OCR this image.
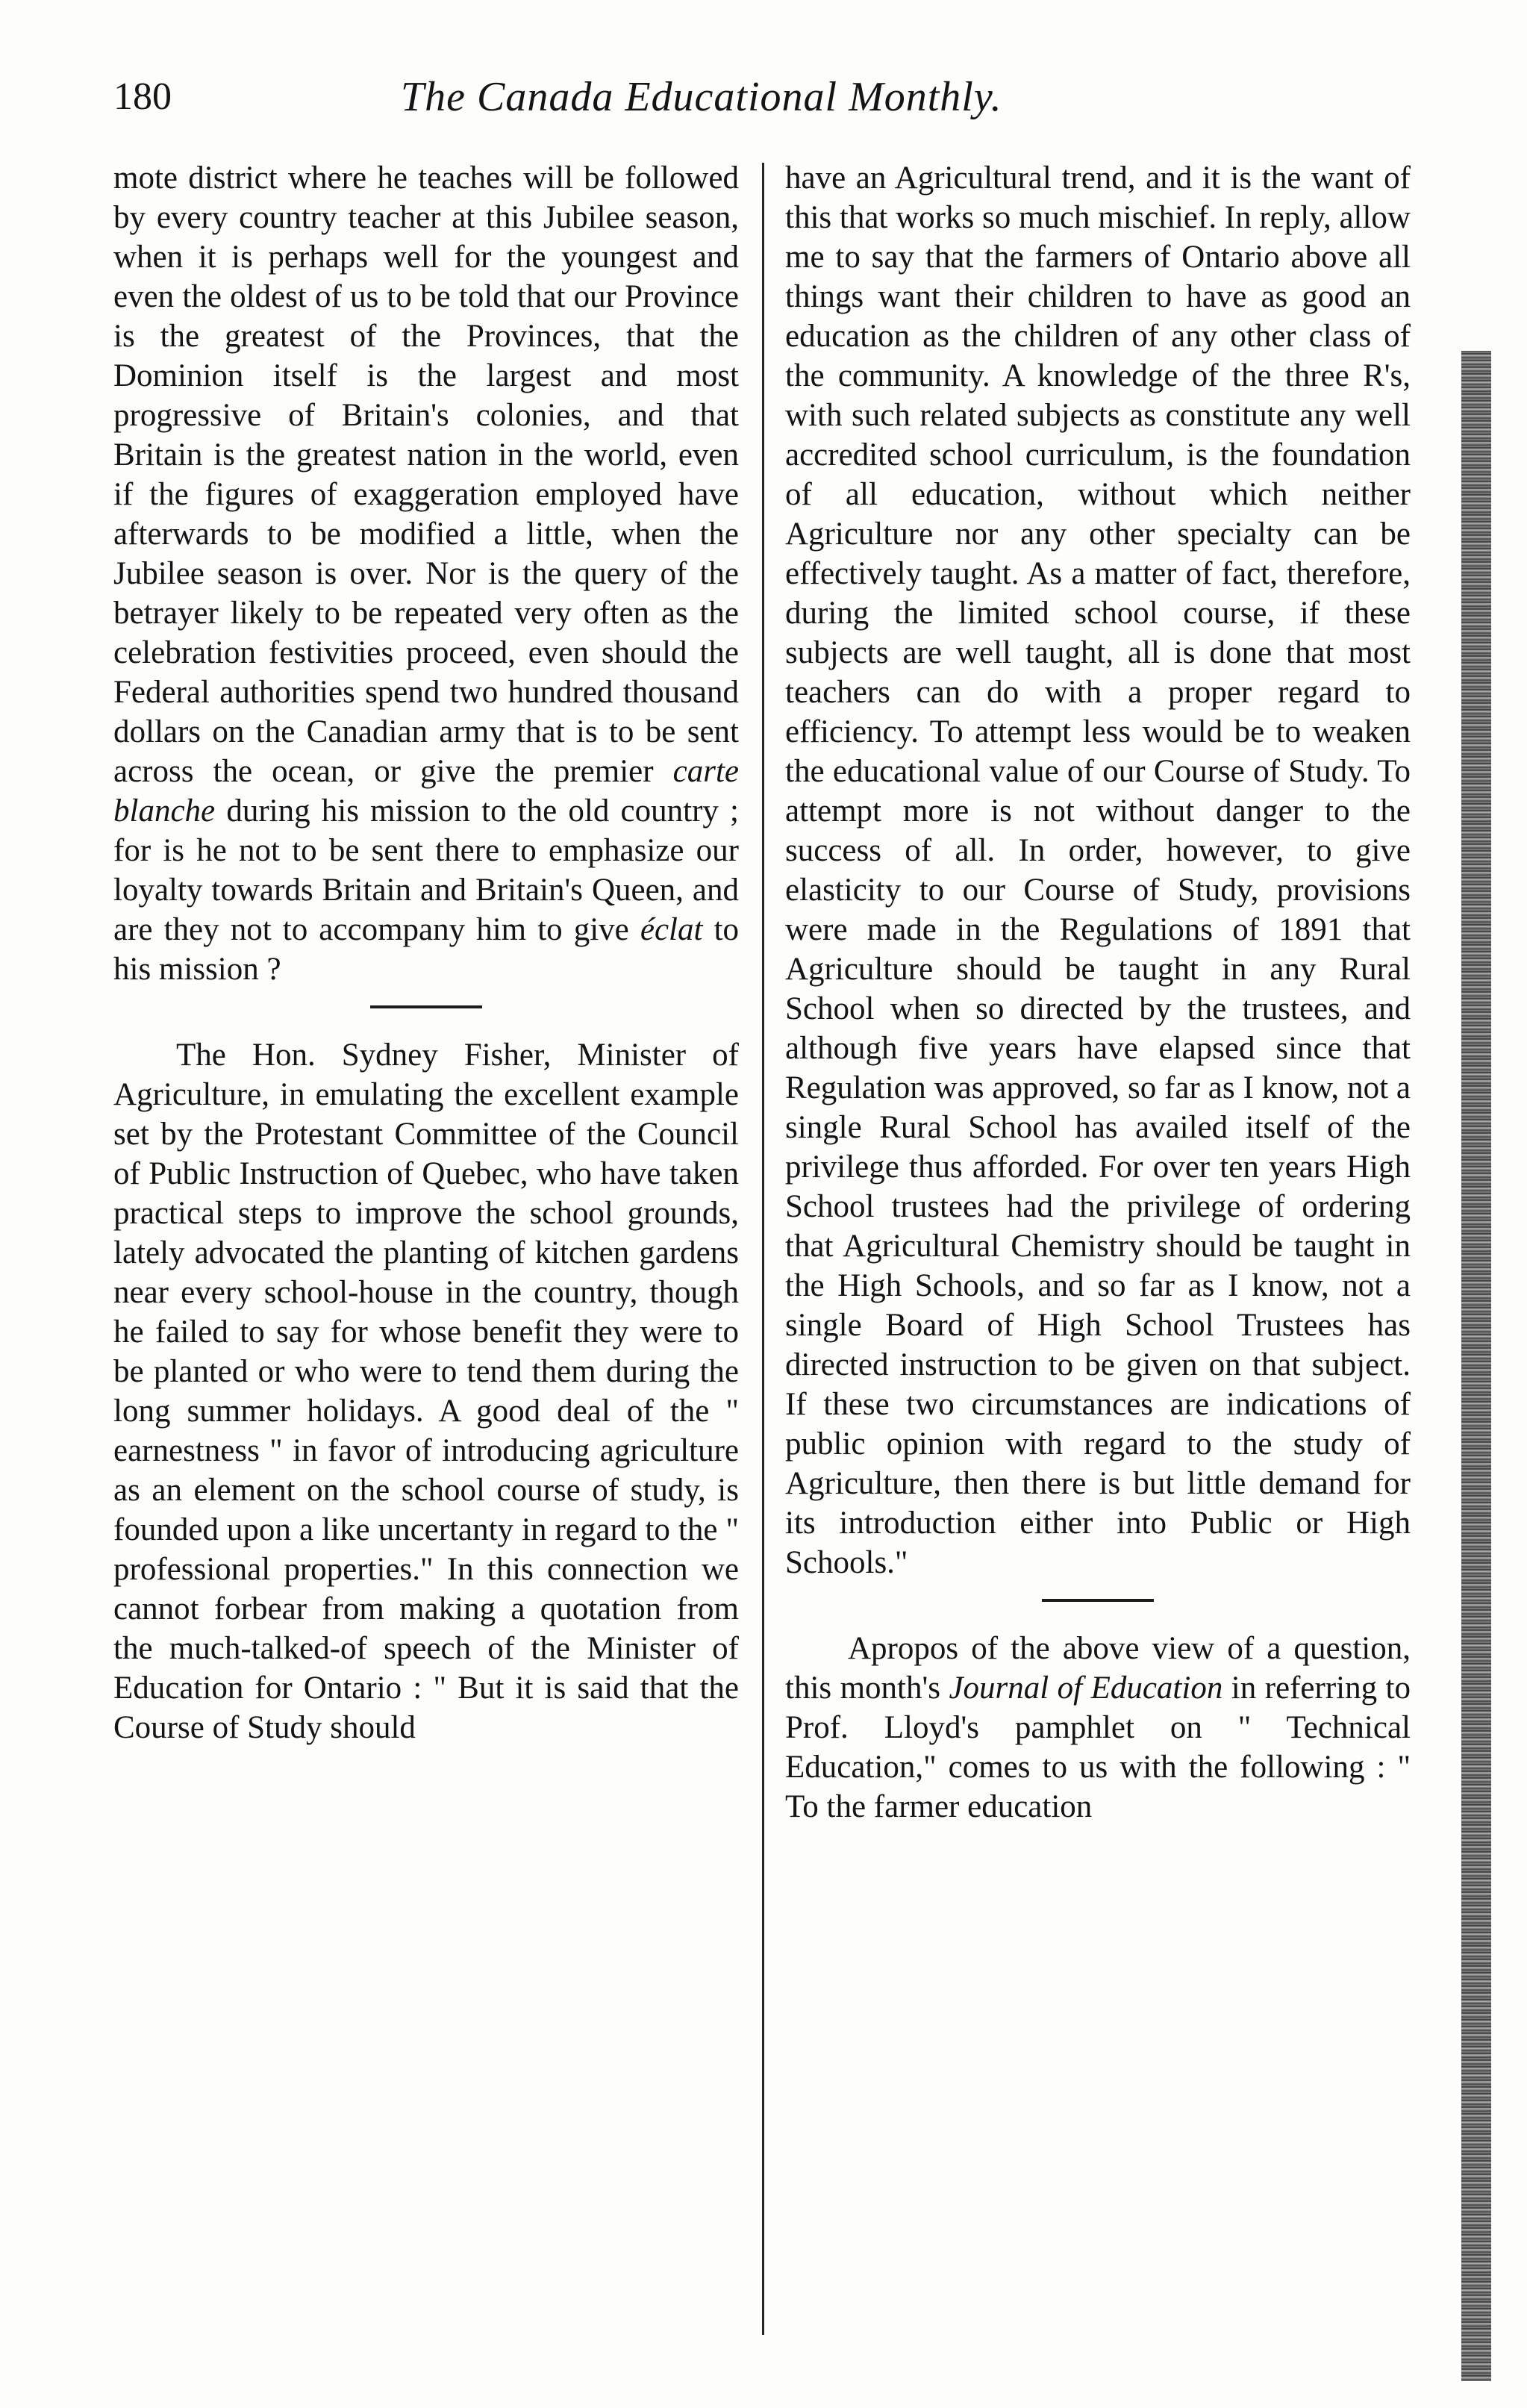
180	The Canada Educational Monthly.

mote district where he teaches will be followed by every country teacher at this Jubilee season, when it is perhaps well for the youngest and even the oldest of us to be told that our Province is the greatest of the Provinces, that the Dominion itself is the largest and most progressive of Britain's colonies, and that Britain is the greatest nation in the world, even if the figures of exaggeration employed have afterwards to be modified a little, when the Jubilee season is over. Nor is the query of the betrayer likely to be repeated very often as the celebration festivities proceed, even should the Federal authorities spend two hundred thousand dollars on the Canadian army that is to be sent across the ocean, or give the premier carte blanche during his mission to the old country ; for is he not to be sent there to emphasize our loyalty towards Britain and Britain's Queen, and are they not to accompany him to give éclat to his mission ?

The Hon. Sydney Fisher, Minister of Agriculture, in emulating the excellent example set by the Protestant Committee of the Council of Public Instruction of Quebec, who have taken practical steps to improve the school grounds, lately advocated the planting of kitchen gardens near every school-house in the country, though he failed to say for whose benefit they were to be planted or who were to tend them during the long summer holidays. A good deal of the " earnestness " in favor of introducing agriculture as an element on the school course of study, is founded upon a like uncertanty in regard to the " professional properties." In this connection we cannot forbear from making a quotation from the much-talked-of speech of the Minister of Education for Ontario : " But it is said that the Course of Study should

have an Agricultural trend, and it is the want of this that works so much mischief. In reply, allow me to say that the farmers of Ontario above all things want their children to have as good an education as the children of any other class of the community. A knowledge of the three R's, with such related subjects as constitute any well accredited school curriculum, is the foundation of all education, without which neither Agriculture nor any other specialty can be effectively taught. As a matter of fact, therefore, during the limited school course, if these subjects are well taught, all is done that most teachers can do with a proper regard to efficiency. To attempt less would be to weaken the educational value of our Course of Study. To attempt more is not without danger to the success of all. In order, however, to give elasticity to our Course of Study, provisions were made in the Regulations of 1891 that Agriculture should be taught in any Rural School when so directed by the trustees, and although five years have elapsed since that Regulation was approved, so far as I know, not a single Rural School has availed itself of the privilege thus afforded. For over ten years High School trustees had the privilege of ordering that Agricultural Chemistry should be taught in the High Schools, and so far as I know, not a single Board of High School Trustees has directed instruction to be given on that subject. If these two circumstances are indications of public opinion with regard to the study of Agriculture, then there is but little demand for its introduction either into Public or High Schools."

Apropos of the above view of a question, this month's Journal of Education in referring to Prof. Lloyd's pamphlet on " Technical Education," comes to us with the following : " To the farmer education
